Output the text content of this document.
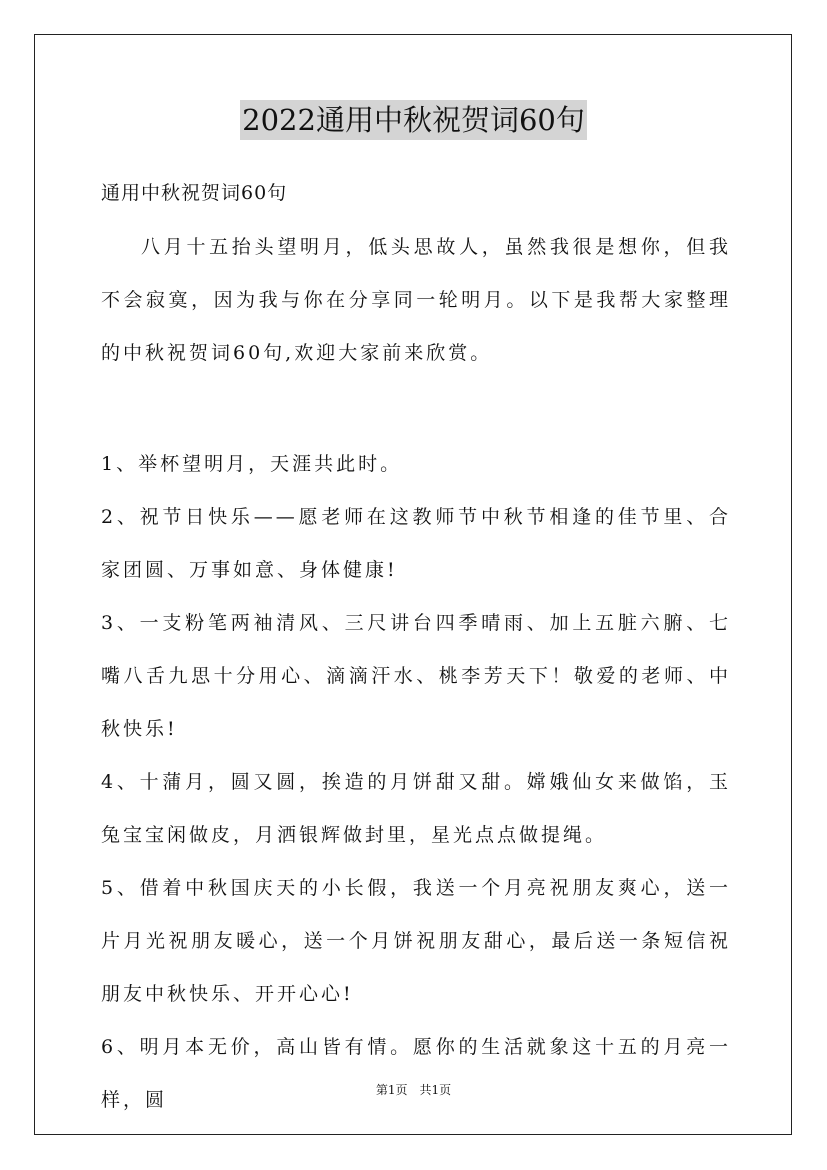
2022通用中秋祝贺词60句
通用中秋祝贺词60句

八月十五抬头望明月，低头思故人，虽然我很是想你，但我不会寂寞，因为我与你在分享同一轮明月。以下是我帮大家整理的中秋祝贺词60句,欢迎大家前来欣赏。

1、举杯望明月，天涯共此时。
2、祝节日快乐——愿老师在这教师节中秋节相逢的佳节里、合家团圆、万事如意、身体健康!
3、一支粉笔两袖清风、三尺讲台四季晴雨、加上五脏六腑、七嘴八舌九思十分用心、滴滴汗水、桃李芳天下！敬爱的老师、中秋快乐!
4、十蒲月，圆又圆，挨造的月饼甜又甜。嫦娥仙女来做馅，玉兔宝宝闲做皮，月洒银辉做封里，星光点点做提绳。
5、借着中秋国庆天的小长假，我送一个月亮祝朋友爽心，送一片月光祝朋友暖心，送一个月饼祝朋友甜心，最后送一条短信祝朋友中秋快乐、开开心心!
6、明月本无价，高山皆有情。愿你的生活就象这十五的月亮一样，圆	第1页　共1页
